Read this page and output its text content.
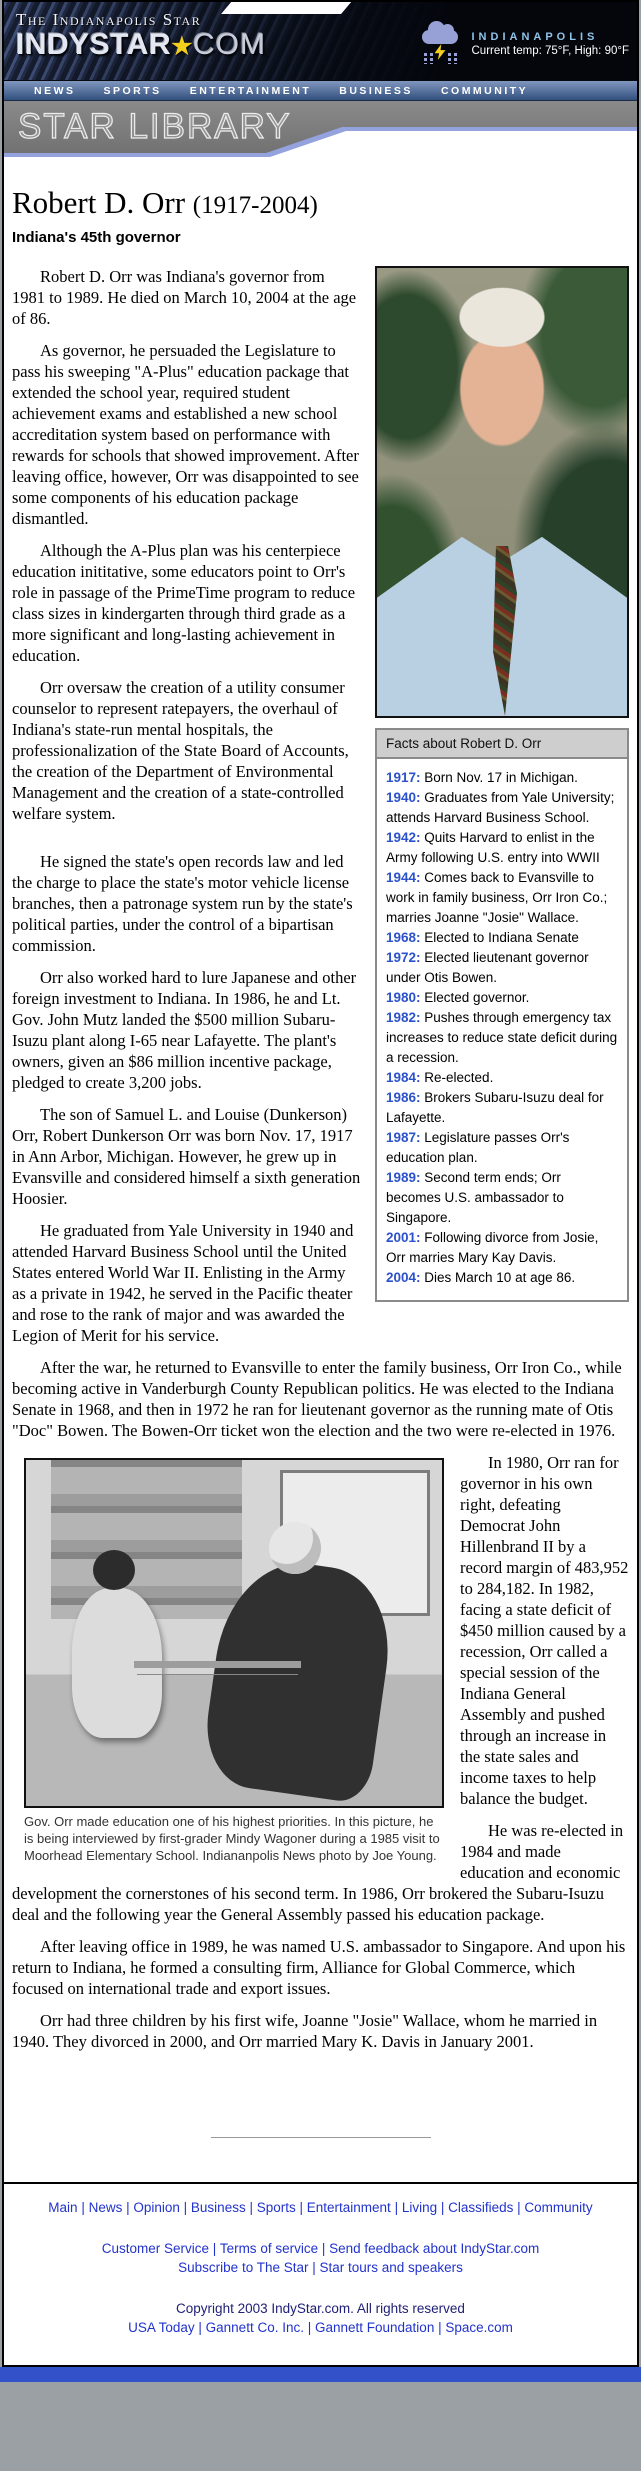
The Indianapolis Star
INDYSTAR★COM	INDIANAPOLIS
Current temp: 75°F, High: 90°F
NEWS	SPORTS	ENTERTAINMENT	BUSINESS	COMMUNITY
STAR LIBRARY
Robert D. Orr (1917-2004)
Indiana's 45th governor
Facts about Robert D. Orr
1917: Born Nov. 17 in Michigan.
1940: Graduates from Yale University; attends Harvard Business School.
1942: Quits Harvard to enlist in the Army following U.S. entry into WWII
1944: Comes back to Evansville to work in family business, Orr Iron Co.; marries Joanne "Josie" Wallace.
1968: Elected to Indiana Senate
1972: Elected lieutenant governor under Otis Bowen.
1980: Elected governor.
1982: Pushes through emergency tax increases to reduce state deficit during a recession.
1984: Re-elected.
1986: Brokers Subaru-Isuzu deal for Lafayette.
1987: Legislature passes Orr's education plan.
1989: Second term ends; Orr becomes U.S. ambassador to Singapore.
2001: Following divorce from Josie, Orr marries Mary Kay Davis.
2004: Dies March 10 at age 86.

Robert D. Orr was Indiana's governor from 1981 to 1989. He died on March 10, 2004 at the age of 86.

As governor, he persuaded the Legislature to pass his sweeping "A-Plus" education package that extended the school year, required student achievement exams and established a new school accreditation system based on performance with rewards for schools that showed improvement. After leaving office, however, Orr was disappointed to see some components of his education package dismantled.

Although the A-Plus plan was his centerpiece education inititative, some educators point to Orr's role in passage of the PrimeTime program to reduce class sizes in kindergarten through third grade as a more significant and long-lasting achievement in education.

Orr oversaw the creation of a utility consumer counselor to represent ratepayers, the overhaul of Indiana's state-run mental hospitals, the professionalization of the State Board of Accounts, the creation of the Department of Environmental Management and the creation of a state-controlled welfare system.

He signed the state's open records law and led the charge to place the state's motor vehicle license branches, then a patronage system run by the state's political parties, under the control of a bipartisan commission.

Orr also worked hard to lure Japanese and other foreign investment to Indiana. In 1986, he and Lt. Gov. John Mutz landed the $500 million Subaru-Isuzu plant along I-65 near Lafayette. The plant's owners, given an $86 million incentive package, pledged to create 3,200 jobs.

The son of Samuel L. and Louise (Dunkerson) Orr, Robert Dunkerson Orr was born Nov. 17, 1917 in Ann Arbor, Michigan. However, he grew up in Evansville and considered himself a sixth generation Hoosier.

He graduated from Yale University in 1940 and attended Harvard Business School until the United States entered World War II. Enlisting in the Army as a private in 1942, he served in the Pacific theater and rose to the rank of major and was awarded the Legion of Merit for his service.

After the war, he returned to Evansville to enter the family business, Orr Iron Co., while becoming active in Vanderburgh County Republican politics. He was elected to the Indiana Senate in 1968, and then in 1972 he ran for lieutenant governor as the running mate of Otis "Doc" Bowen. The Bowen-Orr ticket won the election and the two were re-elected in 1976.

Gov. Orr made education one of his highest priorities. In this picture, he is being interviewed by first-grader Mindy Wagoner during a 1985 visit to Moorhead Elementary School. Indiananpolis News photo by Joe Young.

In 1980, Orr ran for governor in his own right, defeating Democrat John Hillenbrand II by a record margin of 483,952 to 284,182. In 1982, facing a state deficit of $450 million caused by a recession, Orr called a special session of the Indiana General Assembly and pushed through an increase in the state sales and income taxes to help balance the budget.

He was re-elected in 1984 and made education and economic development the cornerstones of his second term. In 1986, Orr brokered the Subaru-Isuzu deal and the following year the General Assembly passed his education package.

After leaving office in 1989, he was named U.S. ambassador to Singapore. And upon his return to Indiana, he formed a consulting firm, Alliance for Global Commerce, which focused on international trade and export issues.

Orr had three children by his first wife, Joanne "Josie" Wallace, whom he married in 1940. They divorced in 2000, and Orr married Mary K. Davis in January 2001.

Main | News | Opinion | Business | Sports | Entertainment | Living | Classifieds | Community
Customer Service | Terms of service | Send feedback about IndyStar.com
Subscribe to The Star | Star tours and speakers
Copyright 2003 IndyStar.com. All rights reserved
USA Today | Gannett Co. Inc. | Gannett Foundation | Space.com
